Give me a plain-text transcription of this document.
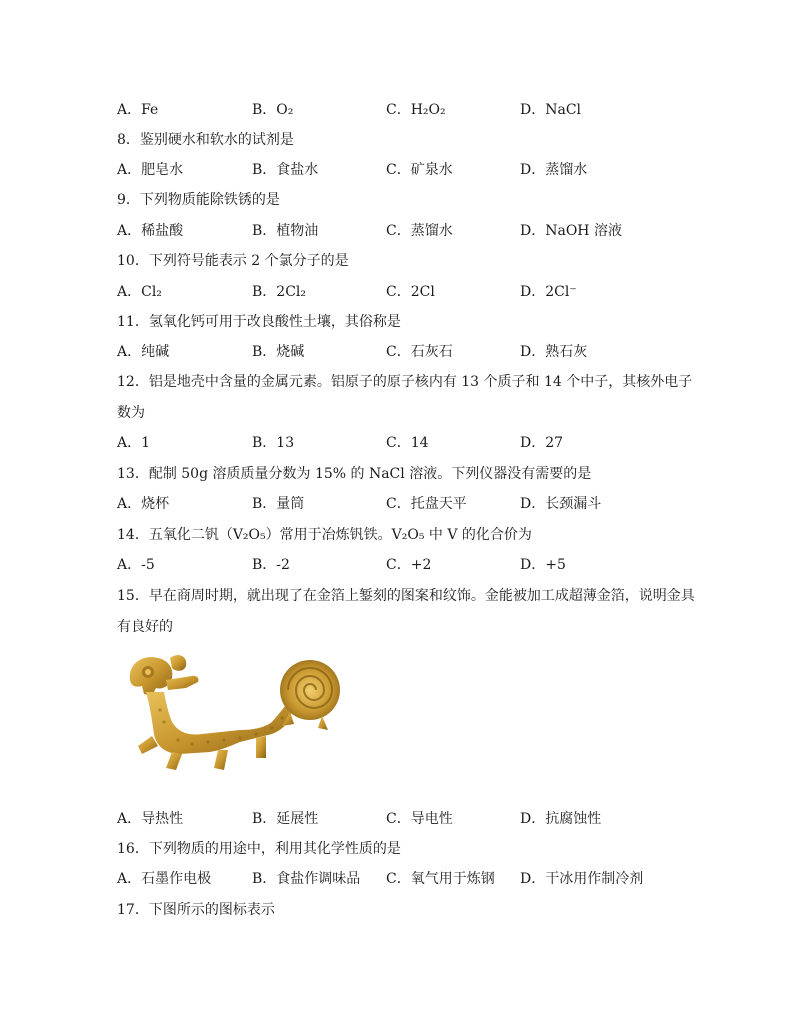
A．Fe	B．O₂	C．H₂O₂	D．NaCl
8．鉴别硬水和软水的试剂是
A．肥皂水	B．食盐水	C．矿泉水	D．蒸馏水
9．下列物质能除铁锈的是
A．稀盐酸	B．植物油	C．蒸馏水	D．NaOH 溶液
10．下列符号能表示 2 个氯分子的是
A．Cl₂	B．2Cl₂	C．2Cl	D．2Cl⁻
11．氢氧化钙可用于改良酸性土壤，其俗称是
A．纯碱	B．烧碱	C．石灰石	D．熟石灰
12．铝是地壳中含量的金属元素。铝原子的原子核内有 13 个质子和 14 个中子，其核外电子
数为
A．1	B．13	C．14	D．27
13．配制 50g 溶质质量分数为 15% 的 NaCl 溶液。下列仪器没有需要的是
A．烧杯	B．量筒	C．托盘天平	D．长颈漏斗
14．五氧化二钒（V₂O₅）常用于冶炼钒铁。V₂O₅ 中 V 的化合价为
A．-5	B．-2	C．+2	D．+5
15．早在商周时期，就出现了在金箔上錾刻的图案和纹饰。金能被加工成超薄金箔，说明金具
有良好的
A．导热性	B．延展性	C．导电性	D．抗腐蚀性
16．下列物质的用途中，利用其化学性质的是
A．石墨作电极	B．食盐作调味品 C．氧气用于炼钢 D．干冰用作制冷剂
17．下图所示的图标表示
